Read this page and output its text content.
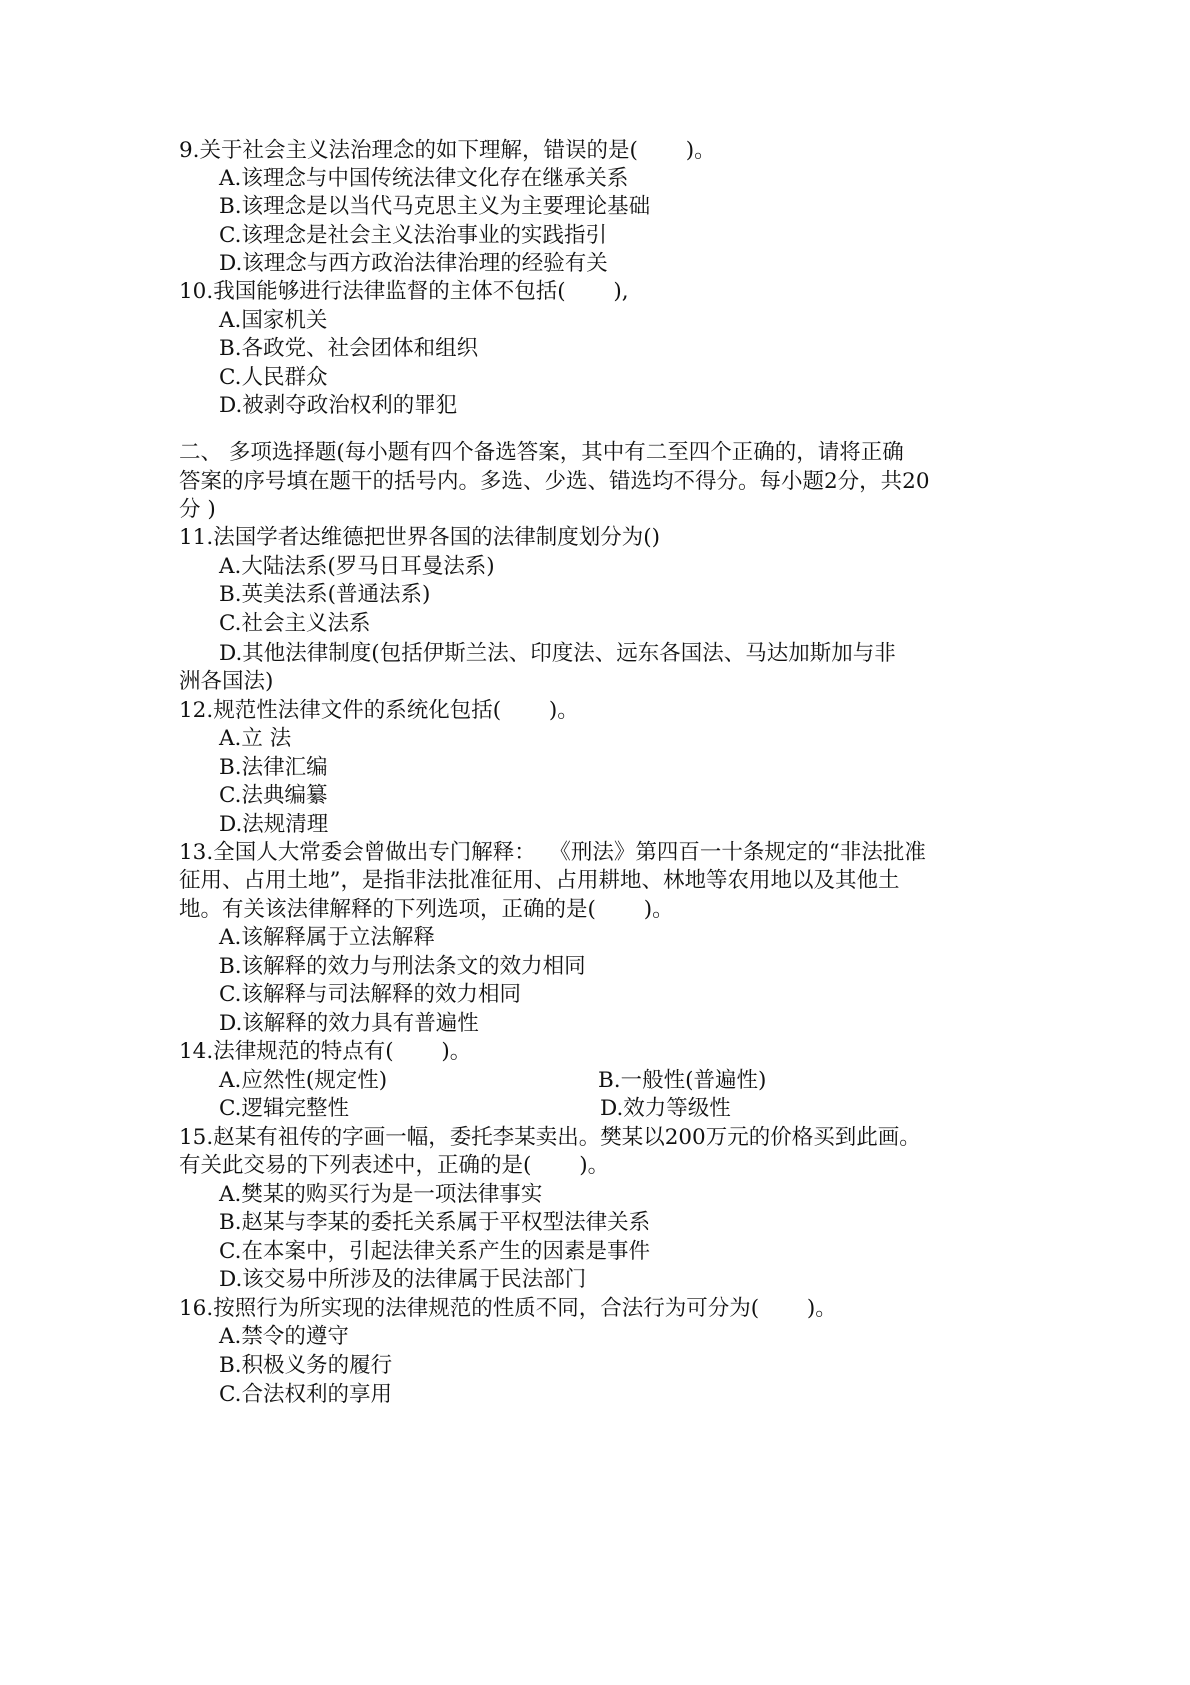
9.关于社会主义法治理念的如下理解，错误的是(       )。
A.该理念与中国传统法律文化存在继承关系
B.该理念是以当代马克思主义为主要理论基础
C.该理念是社会主义法治事业的实践指引
D.该理念与西方政治法律治理的经验有关
10.我国能够进行法律监督的主体不包括(       ),
A.国家机关
B.各政党、社会团体和组织
C.人民群众
D.被剥夺政治权利的罪犯
二、 多项选择题(每小题有四个备选答案，其中有二至四个正确的，请将正确
答案的序号填在题干的括号内。多选、少选、错选均不得分。每小题2分，共20
分 )
11.法国学者达维德把世界各国的法律制度划分为()
A.大陆法系(罗马日耳曼法系)
B.英美法系(普通法系)
C.社会主义法系
D.其他法律制度(包括伊斯兰法、印度法、远东各国法、马达加斯加与非
洲各国法)
12.规范性法律文件的系统化包括(       )。
A.立 法
B.法律汇编
C.法典编纂
D.法规清理
13.全国人大常委会曾做出专门解释：  《刑法》第四百一十条规定的“非法批准
征用、占用土地”，是指非法批准征用、占用耕地、林地等农用地以及其他土
地。有关该法律解释的下列选项，正确的是(       )。
A.该解释属于立法解释
B.该解释的效力与刑法条文的效力相同
C.该解释与司法解释的效力相同
D.该解释的效力具有普遍性
14.法律规范的特点有(       )。
A.应然性(规定性)	B.一般性(普遍性)
C.逻辑完整性	D.效力等级性
15.赵某有祖传的字画一幅，委托李某卖出。樊某以200万元的价格买到此画。
有关此交易的下列表述中，正确的是(       )。
A.樊某的购买行为是一项法律事实
B.赵某与李某的委托关系属于平权型法律关系
C.在本案中，引起法律关系产生的因素是事件
D.该交易中所涉及的法律属于民法部门
16.按照行为所实现的法律规范的性质不同，合法行为可分为(       )。
A.禁令的遵守
B.积极义务的履行
C.合法权利的享用
